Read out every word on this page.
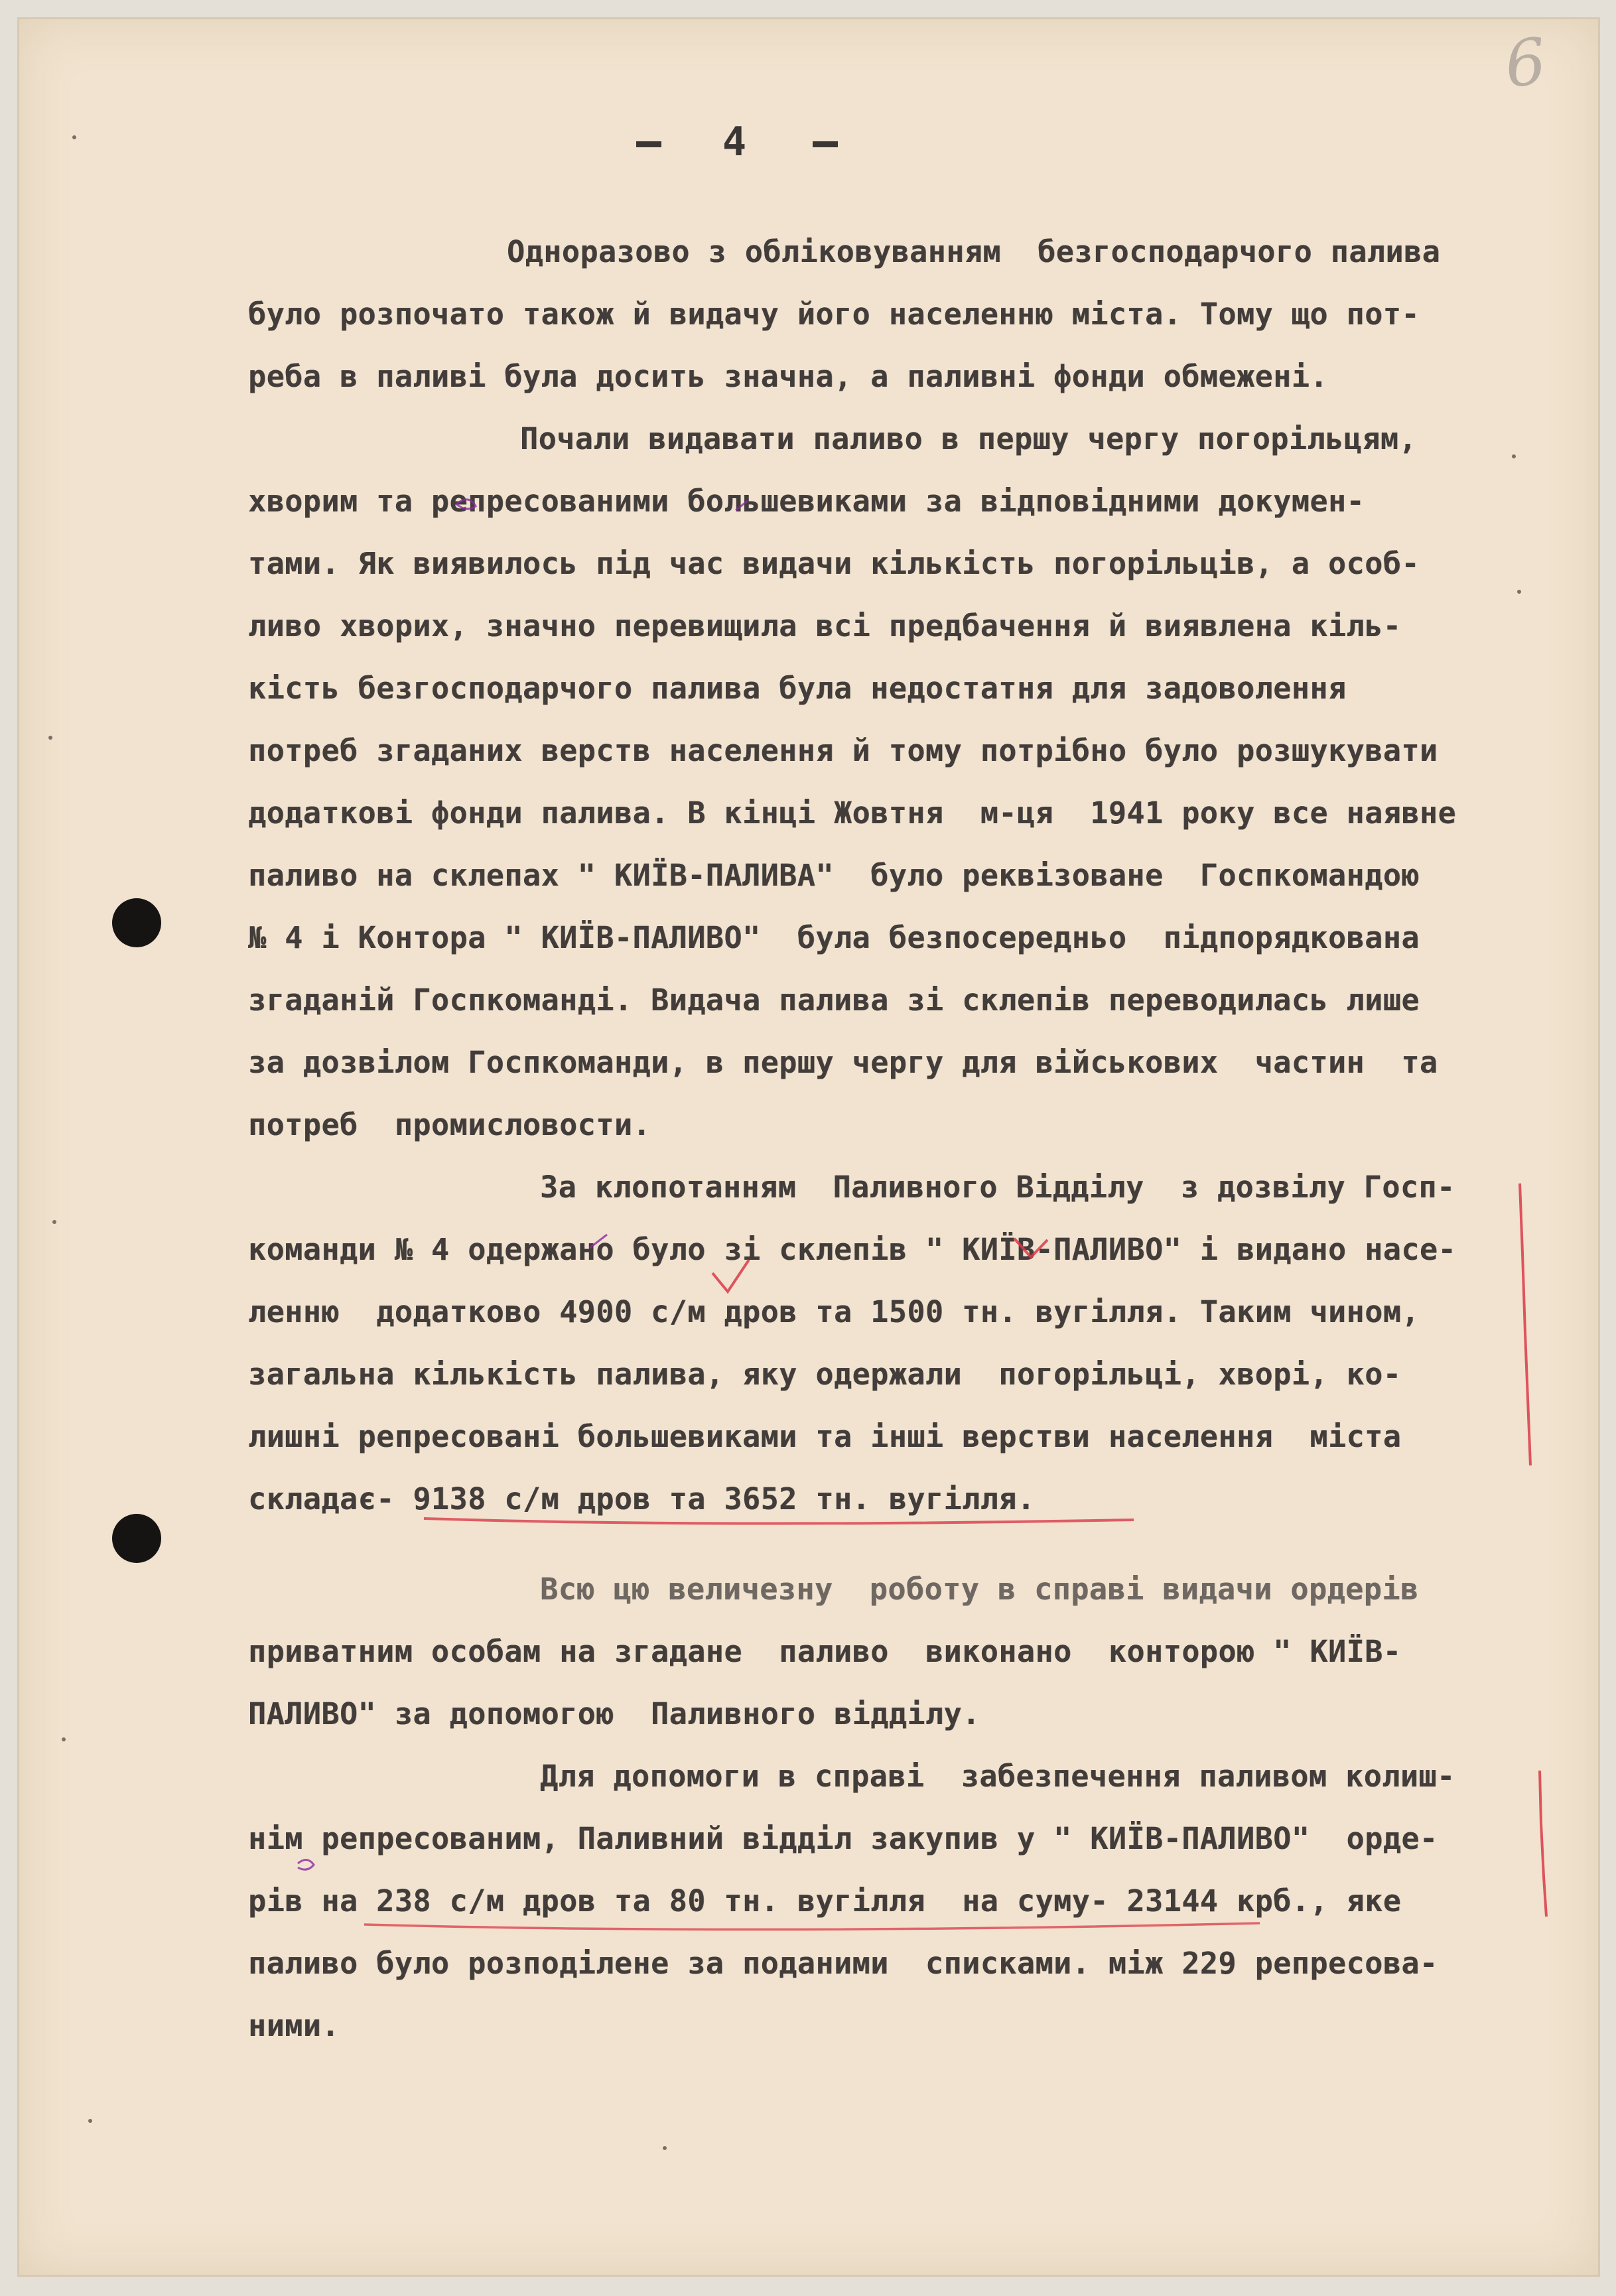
6
4
Одноразово з обліковуванням  безгосподарчого палива
було розпочато також й видачу його населенню міста. Тому що пот-
реба в паливі була досить значна, а паливні фонди обмежені.
Почали видавати паливо в першу чергу погорільцям,
хворим та репресованими большевиками за відповідними докумен-
тами. Як виявилось під час видачи кількість погорільців, а особ-
ливо хворих, значно перевищила всі предбачення й виявлена кіль-
кість безгосподарчого палива була недостатня для задоволення
потреб згаданих верств населення й тому потрібно було розшукувати
додаткові фонди палива. В кінці Жовтня  м-ця  1941 року все наявне
паливо на склепах " КИЇВ-ПАЛИВА"  було реквізоване  Госпкомандою
№ 4 і Контора " КИЇВ-ПАЛИВО"  була безпосередньо  підпорядкована
згаданій Госпкоманді. Видача палива зі склепів переводилась лише
за дозвілом Госпкоманди, в першу чергу для військових  частин  та
потреб  промисловости.
За клопотанням  Паливного Відділу  з дозвілу Госп-
команди № 4 одержано було зі склепів " КИЇВ-ПАЛИВО" і видано насе-
ленню  додатково 4900 с/м дров та 1500 тн. вугілля. Таким чином,
загальна кількість палива, яку одержали  погорільці, хворі, ко-
лишні репресовані большевиками та інші верстви населення  міста
складає- 9138 с/м дров та 3652 тн. вугілля.
Всю цю величезну  роботу в справі видачи ордерів
приватним особам на згадане  паливо  виконано  конторою " КИЇВ-
ПАЛИВО" за допомогою  Паливного відділу.
Для допомоги в справі  забезпечення паливом колиш-
нім репресованим, Паливний відділ закупив у " КИЇВ-ПАЛИВО"  орде-
рів на 238 с/м дров та 80 тн. вугілля  на суму- 23144 крб., яке
паливо було розподілене за поданими  списками. між 229 репресова-
ними.
